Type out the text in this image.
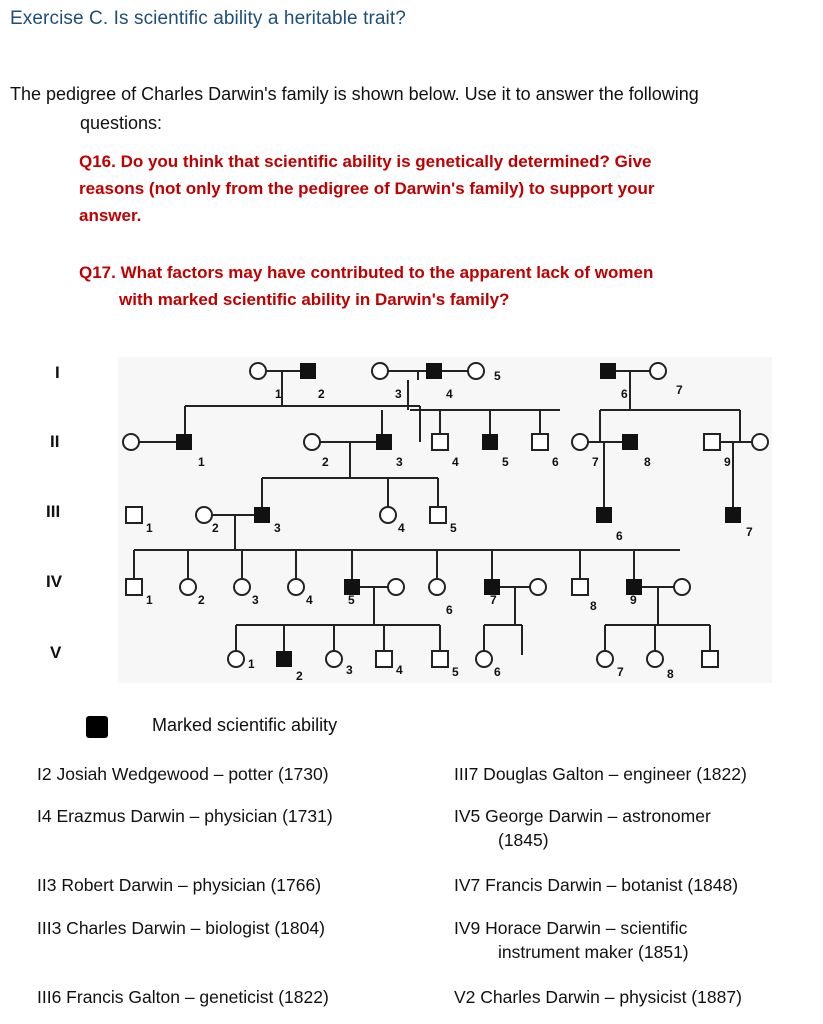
Exercise C. Is scientific ability a heritable trait?
The pedigree of Charles Darwin's family is shown below. Use it to answer the following
questions:
Q16. Do you think that scientific ability is genetically determined? Give
reasons (not only from the pedigree of Darwin's family) to support your
answer.
Q17. What factors may have contributed to the apparent lack of women
with marked scientific ability in Darwin's family?
I
II
III
IV
V
1	2	3	4
5
6	7
1	2	3	4	5	6	7	8	9
1	2	3	4	5
6	7
1	2	3	4	5
6
7	8	9
1
2	3	4	5	6	7	8
Marked scientific ability
I2 Josiah Wedgewood – potter (1730)
I4 Erazmus Darwin – physician (1731)
II3 Robert Darwin – physician (1766)
III3 Charles Darwin – biologist (1804)
III6 Francis Galton – geneticist (1822)
III7 Douglas Galton – engineer (1822)
IV5 George Darwin – astronomer
(1845)
IV7 Francis Darwin – botanist (1848)
IV9 Horace Darwin – scientific
instrument maker (1851)
V2 Charles Darwin – physicist (1887)
